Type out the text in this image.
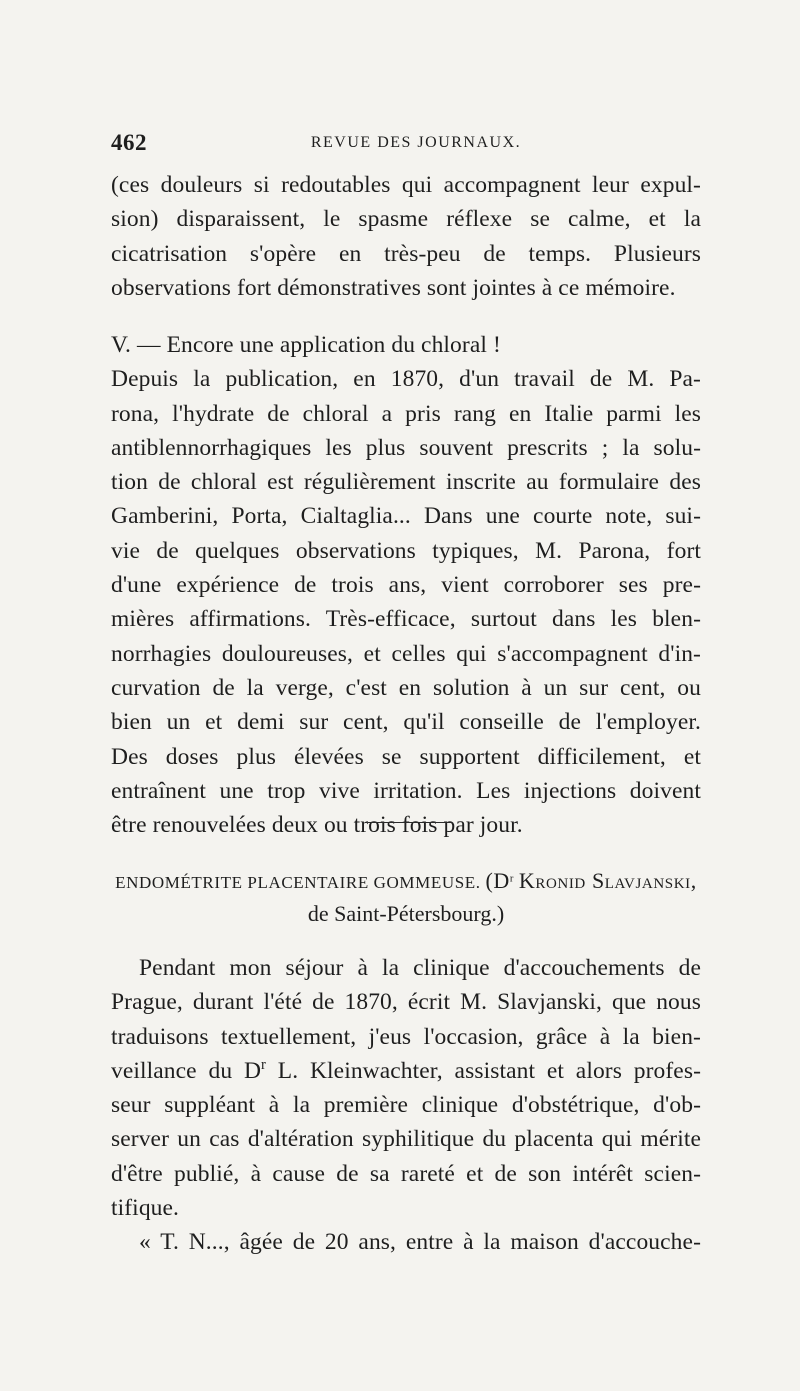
462	REVUE DES JOURNAUX.
(ces douleurs si redoutables qui accompagnent leur expul-
sion) disparaissent, le spasme réflexe se calme, et la
cicatrisation s'opère en très-peu de temps. Plusieurs
observations fort démonstratives sont jointes à ce mémoire.
V. — Encore une application du chloral !
Depuis la publication, en 1870, d'un travail de M. Pa-
rona, l'hydrate de chloral a pris rang en Italie parmi les
antiblennorrhagiques les plus souvent prescrits ; la solu-
tion de chloral est régulièrement inscrite au formulaire des
Gamberini, Porta, Cialtaglia... Dans une courte note, sui-
vie de quelques observations typiques, M. Parona, fort
d'une expérience de trois ans, vient corroborer ses pre-
mières affirmations. Très-efficace, surtout dans les blen-
norrhagies douloureuses, et celles qui s'accompagnent d'in-
curvation de la verge, c'est en solution à un sur cent, ou
bien un et demi sur cent, qu'il conseille de l'employer.
Des doses plus élevées se supportent difficilement, et
entraînent une trop vive irritation. Les injections doivent
être renouvelées deux ou trois fois par jour.
ENDOMÉTRITE PLACENTAIRE GOMMEUSE. ($D^r$ Kronid Slavjanski,
de Saint-Pétersbourg.)
Pendant mon séjour à la clinique d'accouchements de
Prague, durant l'été de 1870, écrit M. Slavjanski, que nous
traduisons textuellement, j'eus l'occasion, grâce à la bien-
veillance du $D^r$ L. Kleinwachter, assistant et alors profes-
seur suppléant à la première clinique d'obstétrique, d'ob-
server un cas d'altération syphilitique du placenta qui mérite
d'être publié, à cause de sa rareté et de son intérêt scien-
tifique.
« T. N..., âgée de 20 ans, entre à la maison d'accouche-
